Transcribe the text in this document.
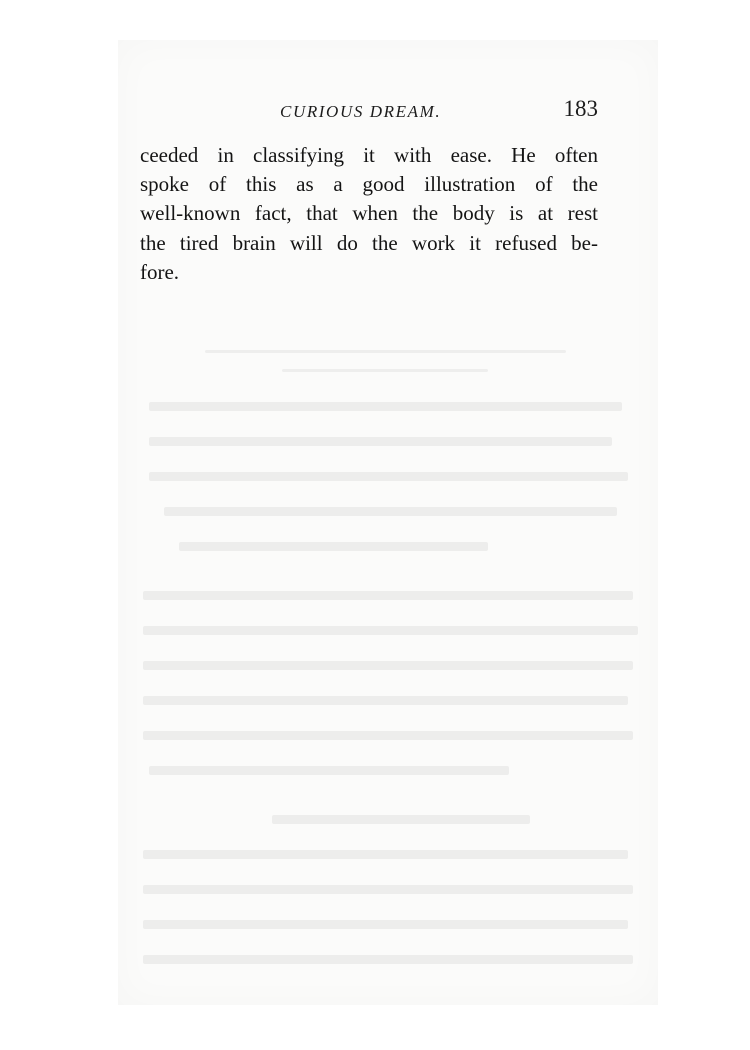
CURIOUS DREAM.	183
ceeded in classifying it with ease. He often
spoke of this as a good illustration of the
well-known fact, that when the body is at rest
the tired brain will do the work it refused be-
fore.
